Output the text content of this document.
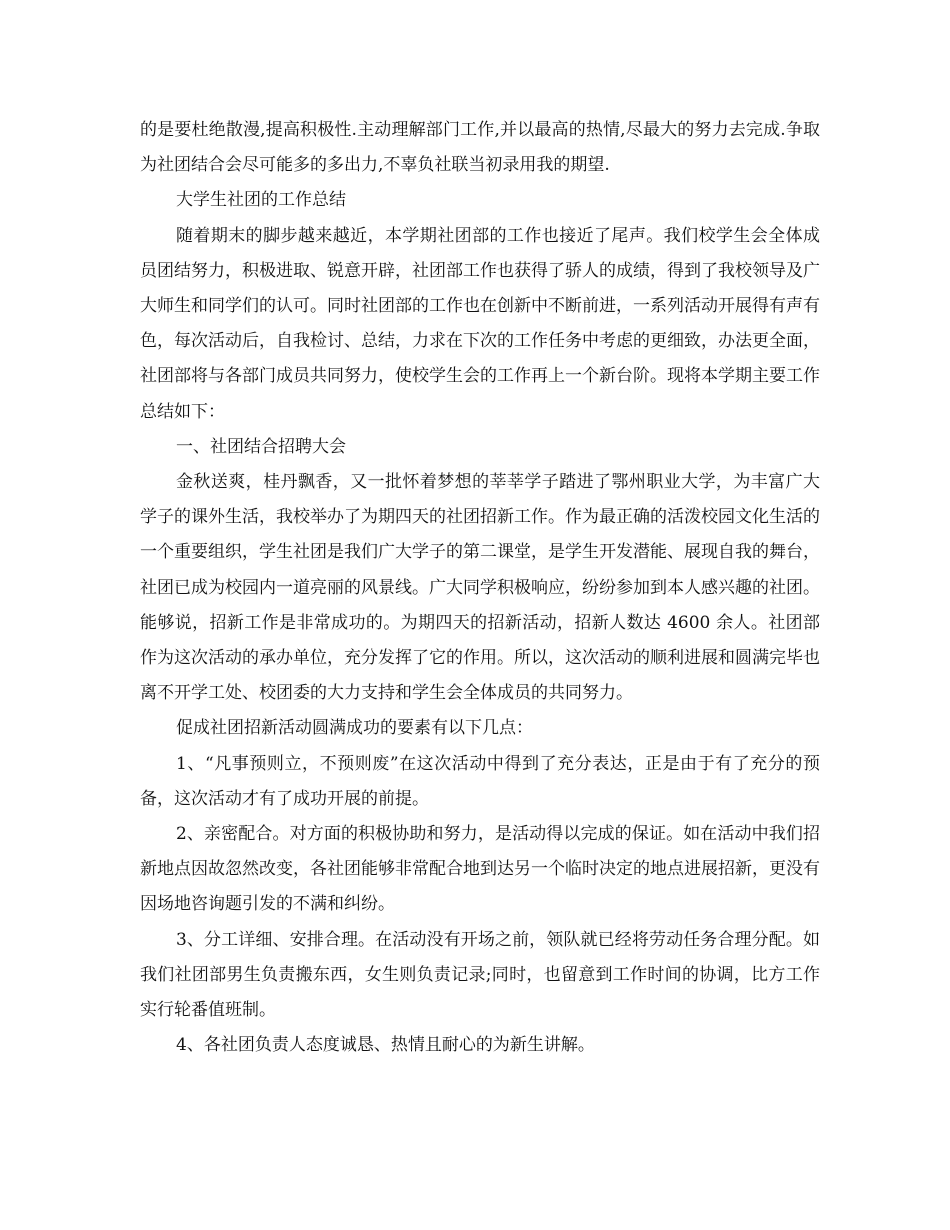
的是要杜绝散漫,提高积极性.主动理解部门工作,并以最高的热情,尽最大的努力去完成.争取为社团结合会尽可能多的多出力,不辜负社联当初录用我的期望.

大学生社团的工作总结

随着期末的脚步越来越近，本学期社团部的工作也接近了尾声。我们校学生会全体成员团结努力，积极进取、锐意开辟，社团部工作也获得了骄人的成绩，得到了我校领导及广大师生和同学们的认可。同时社团部的工作也在创新中不断前进，一系列活动开展得有声有色，每次活动后，自我检讨、总结，力求在下次的工作任务中考虑的更细致，办法更全面，社团部将与各部门成员共同努力，使校学生会的工作再上一个新台阶。现将本学期主要工作总结如下：

一、社团结合招聘大会

金秋送爽，桂丹飘香，又一批怀着梦想的莘莘学子踏进了鄂州职业大学，为丰富广大学子的课外生活，我校举办了为期四天的社团招新工作。作为最正确的活泼校园文化生活的一个重要组织，学生社团是我们广大学子的第二课堂，是学生开发潜能、展现自我的舞台，社团已成为校园内一道亮丽的风景线。广大同学积极响应，纷纷参加到本人感兴趣的社团。能够说，招新工作是非常成功的。为期四天的招新活动，招新人数达 4600 余人。社团部作为这次活动的承办单位，充分发挥了它的作用。所以，这次活动的顺利进展和圆满完毕也离不开学工处、校团委的大力支持和学生会全体成员的共同努力。

促成社团招新活动圆满成功的要素有以下几点：

1、“凡事预则立，不预则废”在这次活动中得到了充分表达，正是由于有了充分的预备，这次活动才有了成功开展的前提。

2、亲密配合。对方面的积极协助和努力，是活动得以完成的保证。如在活动中我们招新地点因故忽然改变，各社团能够非常配合地到达另一个临时决定的地点进展招新，更没有因场地咨询题引发的不满和纠纷。

3、分工详细、安排合理。在活动没有开场之前，领队就已经将劳动任务合理分配。如我们社团部男生负责搬东西，女生则负责记录;同时，也留意到工作时间的协调，比方工作实行轮番值班制。

4、各社团负责人态度诚恳、热情且耐心的为新生讲解。
